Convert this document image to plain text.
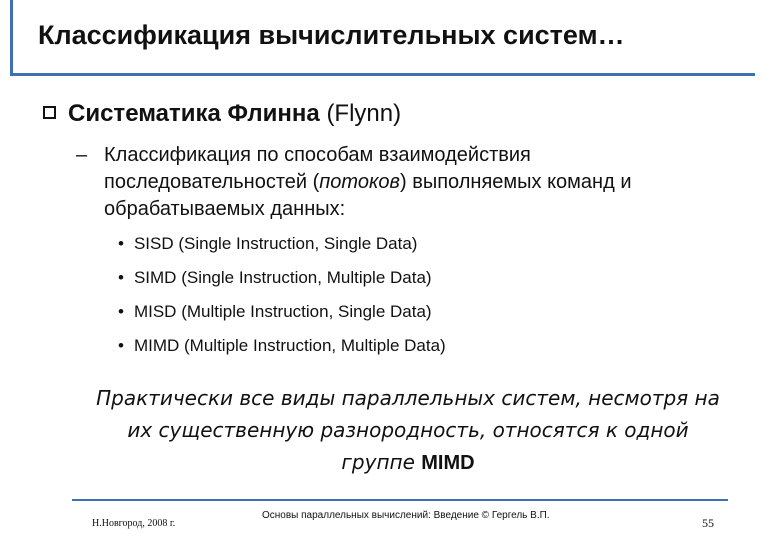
Классификация вычислительных систем…
Систематика Флинна (Flynn)
– Классификация по способам взаимодействия последовательностей (потоков) выполняемых команд и обрабатываемых данных:
• SISD (Single Instruction, Single Data)
• SIMD (Single Instruction, Multiple Data)
• MISD (Multiple Instruction, Single Data)
• MIMD (Multiple Instruction, Multiple Data)
Практически все виды параллельных систем, несмотря на их существенную разнородность, относятся к одной группе MIMD
Н.Новгород, 2008 г.
Основы параллельных вычислений: Введение © Гергель В.П.
55
